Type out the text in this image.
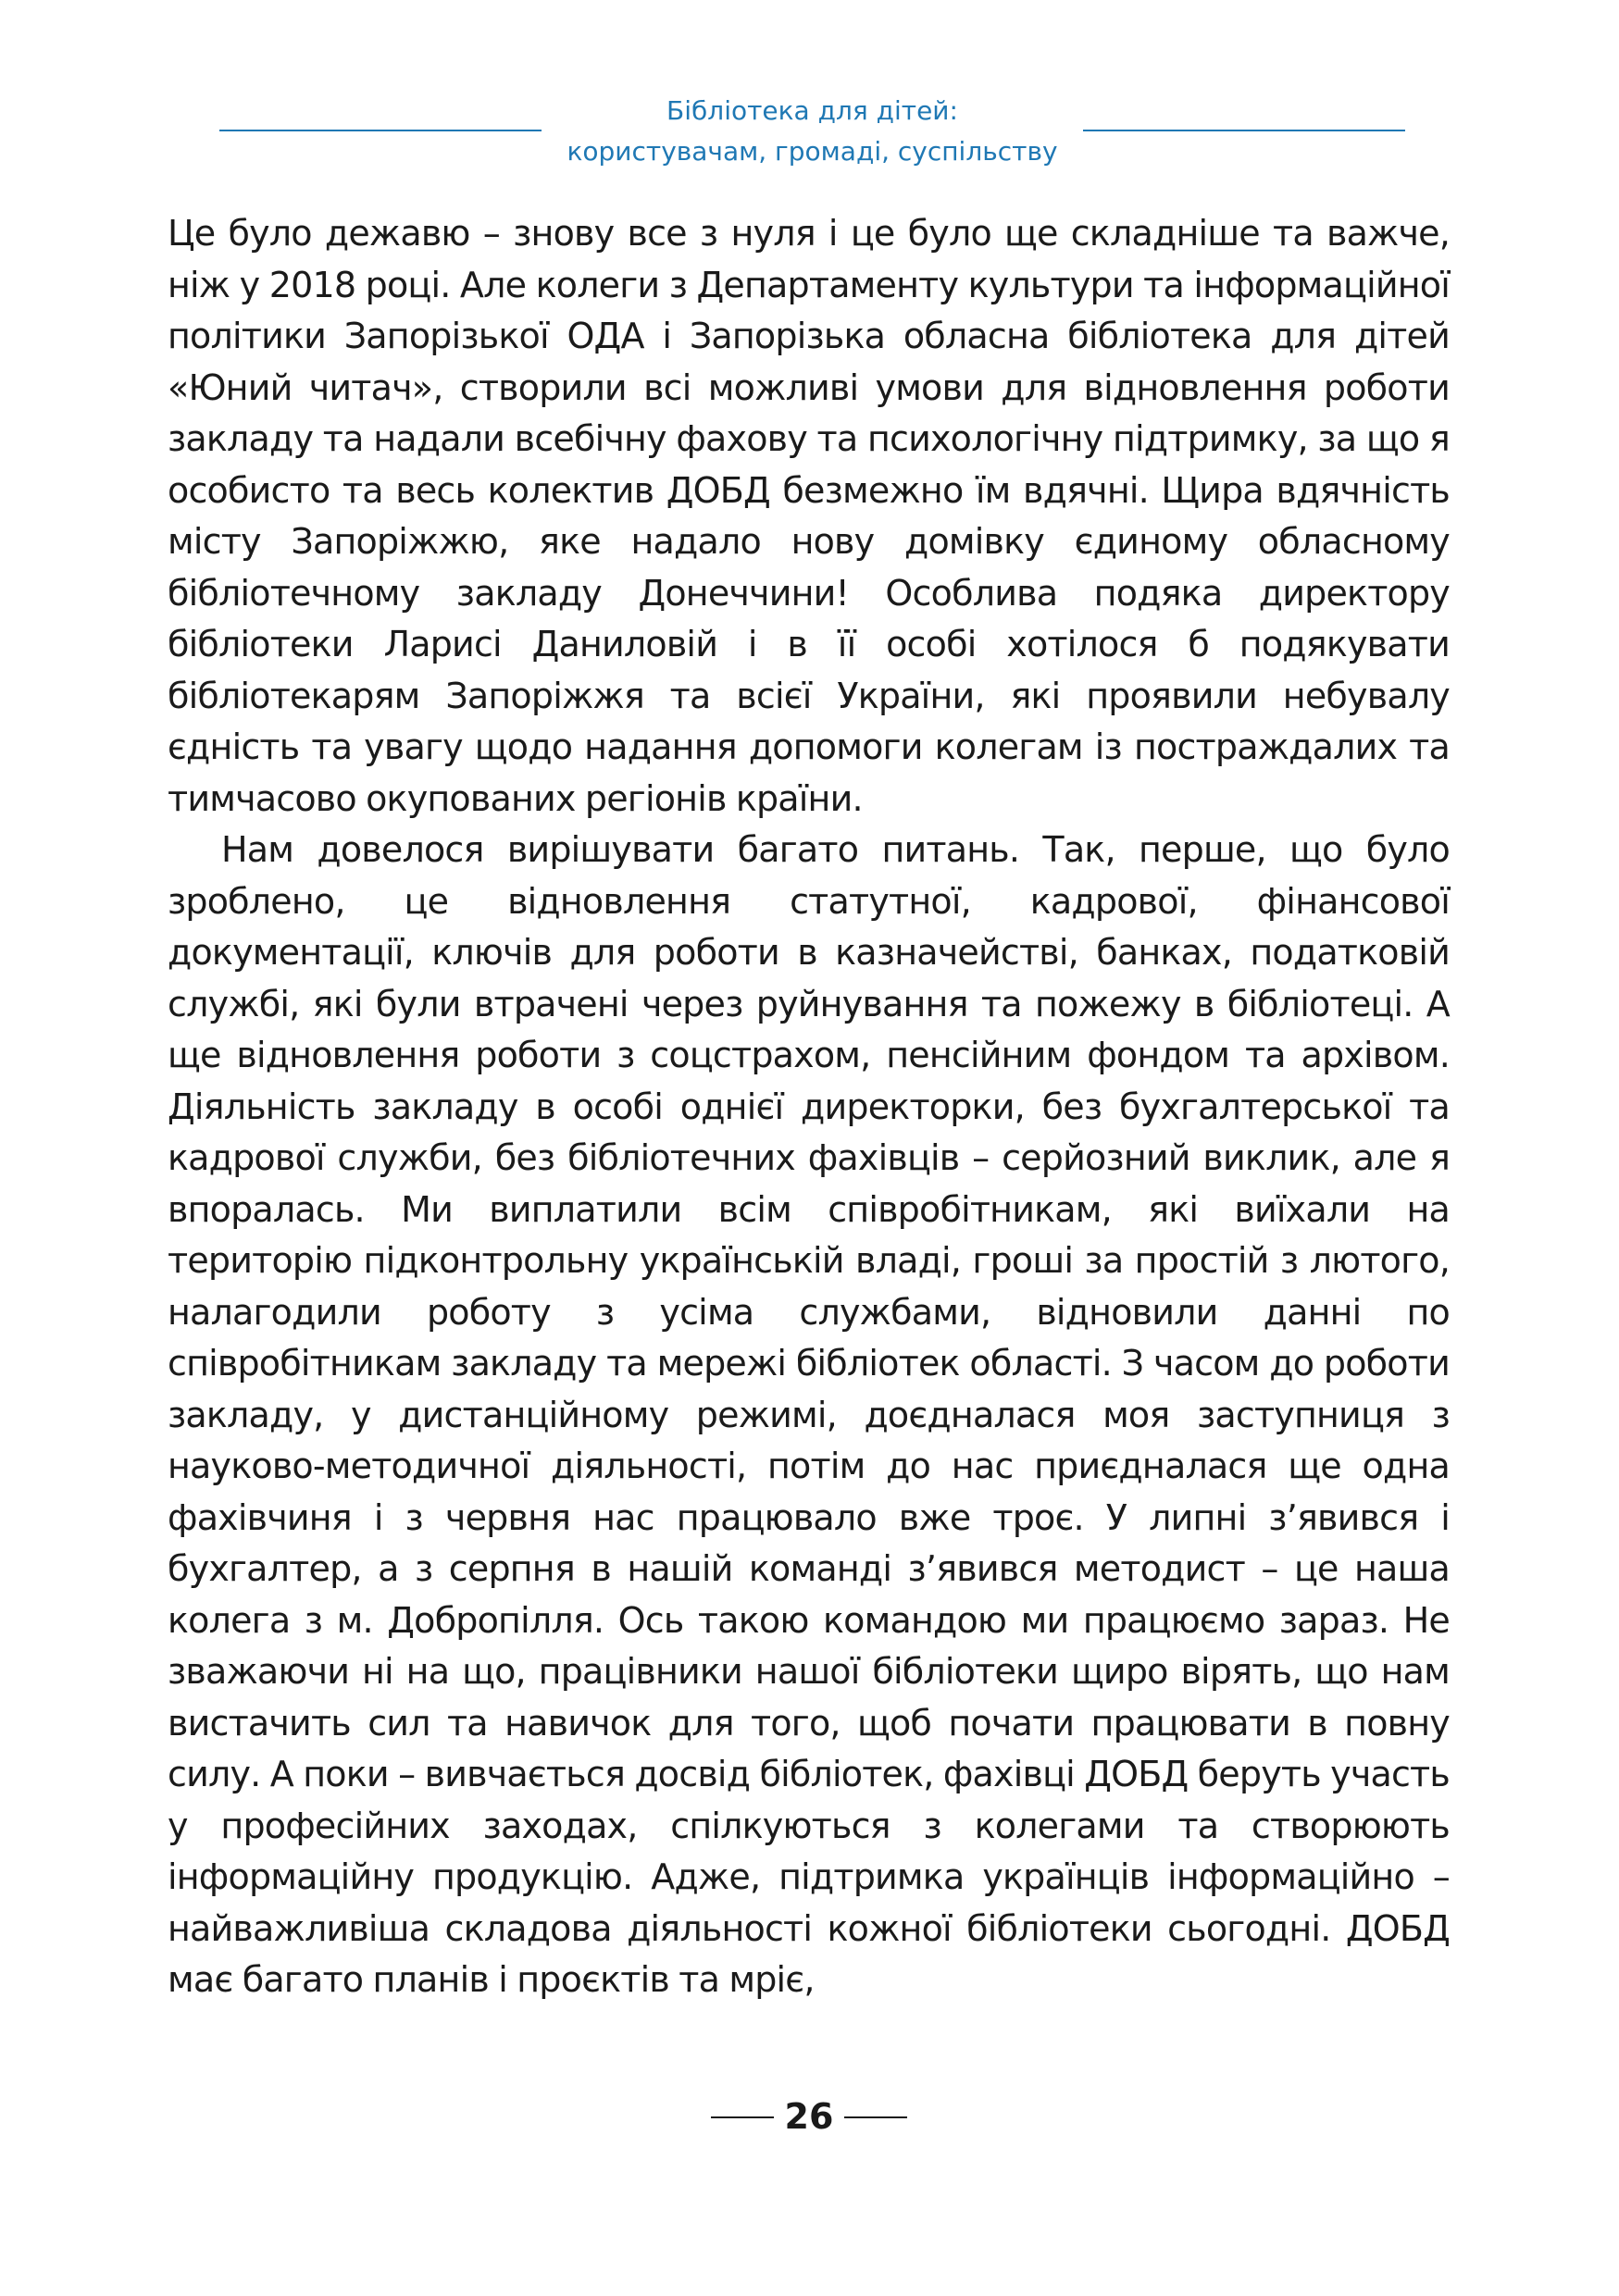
Бібліотека для дітей:
користувачам, громаді, суспільству

Це було дежавю – знову все з нуля і це було ще складніше та важче, ніж у 2018 році. Але колеги з Департаменту культури та інформаційної політики Запорізької ОДА і Запорізька обласна бібліотека для дітей «Юний читач», створили всі можливі умови для відновлення роботи закладу та надали всебічну фахову та психологічну підтримку, за що я особисто та весь колектив ДОБД безмежно їм вдячні. Щира вдячність місту Запоріжжю, яке надало нову домівку єдиному обласному бібліотечному закладу Донеччини! Особлива подяка директору бібліотеки Ларисі Даниловій і в її особі хотілося б подякувати бібліотекарям Запоріжжя та всієї України, які проявили небувалу єдність та увагу щодо надання допомоги колегам із постраждалих та тимчасово окупованих регіонів країни.

Нам довелося вирішувати багато питань. Так, перше, що було зроблено, це відновлення статутної, кадрової, фінансової документації, ключів для роботи в казначействі, банках, податковій службі, які були втрачені через руйнування та пожежу в бібліотеці. А ще відновлення роботи з соцстрахом, пенсійним фондом та архівом. Діяльність закладу в особі однієї директорки, без бухгалтерської та кадрової служби, без бібліотечних фахівців – серйозний виклик, але я впоралась. Ми виплатили всім співробітникам, які виїхали на територію підконтрольну українській владі, гроші за простій з лютого, налагодили роботу з усіма службами, відновили данні по співробітникам закладу та мережі бібліотек області. З часом до роботи закладу, у дистанційному режимі, доєдналася моя заступниця з науково-методичної діяльності, потім до нас приєдналася ще одна фахівчиня і з червня нас працювало вже троє. У липні з’явився і бухгалтер, а з серпня в нашій команді з’явився методист – це наша колега з м. Добропілля. Ось такою командою ми працюємо зараз. Не зважаючи ні на що, працівники нашої бібліотеки щиро вірять, що нам вистачить сил та навичок для того, щоб почати працювати в повну силу. А поки – вивчається досвід бібліотек, фахівці ДОБД беруть участь у професійних заходах, спілкуються з колегами та створюють інформаційну продукцію. Адже, підтримка українців інформаційно – найважливіша складова діяльності кожної бібліотеки сьогодні. ДОБД має багато планів і проєктів та мріє,

26
